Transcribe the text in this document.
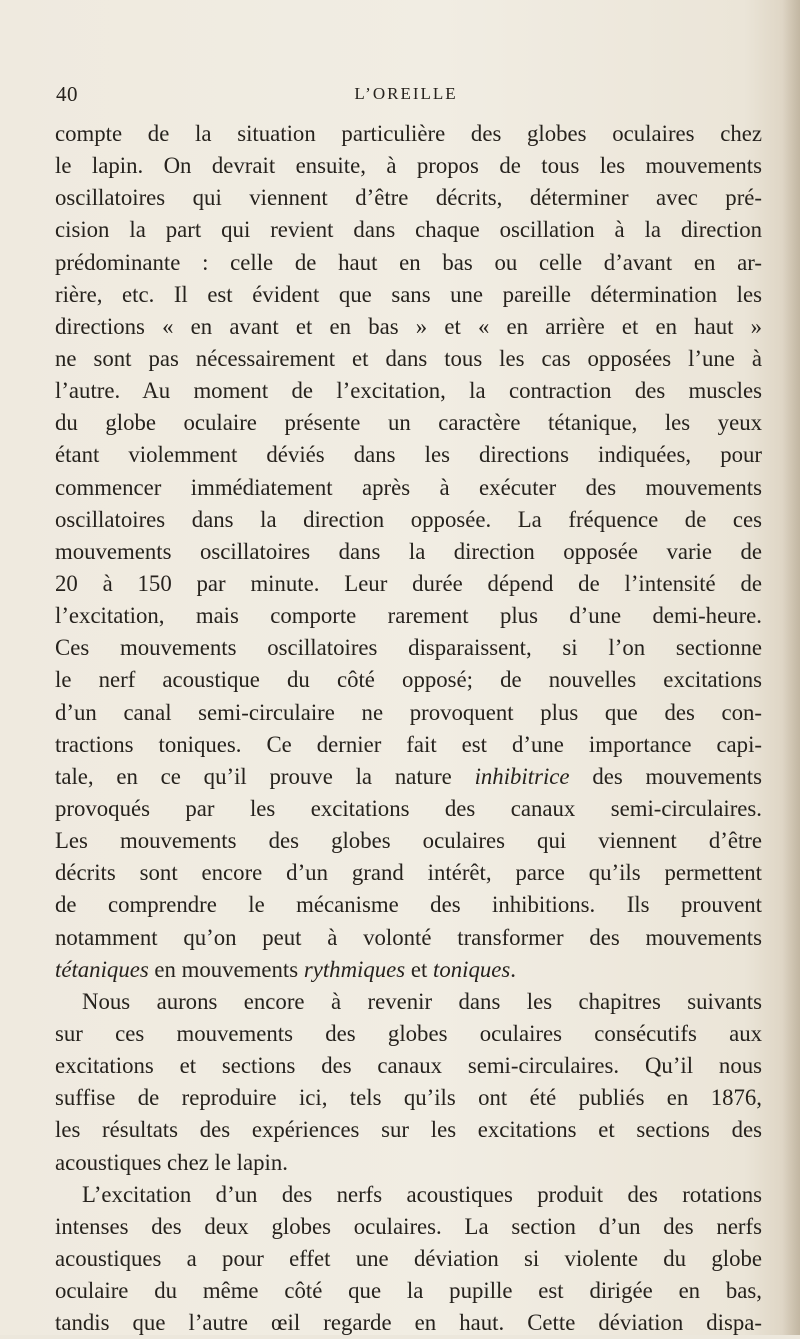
40	L’OREILLE
compte de la situation particulière des globes oculaires chez
le lapin. On devrait ensuite, à propos de tous les mouvements
oscillatoires qui viennent d’être décrits, déterminer avec pré-
cision la part qui revient dans chaque oscillation à la direction
prédominante : celle de haut en bas ou celle d’avant en ar-
rière, etc. Il est évident que sans une pareille détermination les
directions « en avant et en bas » et « en arrière et en haut »
ne sont pas nécessairement et dans tous les cas opposées l’une à
l’autre. Au moment de l’excitation, la contraction des muscles
du globe oculaire présente un caractère tétanique, les yeux
étant violemment déviés dans les directions indiquées, pour
commencer immédiatement après à exécuter des mouvements
oscillatoires dans la direction opposée. La fréquence de ces
mouvements oscillatoires dans la direction opposée varie de
20 à 150 par minute. Leur durée dépend de l’intensité de
l’excitation, mais comporte rarement plus d’une demi-heure.
Ces mouvements oscillatoires disparaissent, si l’on sectionne
le nerf acoustique du côté opposé; de nouvelles excitations
d’un canal semi-circulaire ne provoquent plus que des con-
tractions toniques. Ce dernier fait est d’une importance capi-
tale, en ce qu’il prouve la nature inhibitrice des mouvements
provoqués par les excitations des canaux semi-circulaires.
Les mouvements des globes oculaires qui viennent d’être
décrits sont encore d’un grand intérêt, parce qu’ils permettent
de comprendre le mécanisme des inhibitions. Ils prouvent
notamment qu’on peut à volonté transformer des mouvements
tétaniques en mouvements rythmiques et toniques.
Nous aurons encore à revenir dans les chapitres suivants
sur ces mouvements des globes oculaires consécutifs aux
excitations et sections des canaux semi-circulaires. Qu’il nous
suffise de reproduire ici, tels qu’ils ont été publiés en 1876,
les résultats des expériences sur les excitations et sections des
acoustiques chez le lapin.
L’excitation d’un des nerfs acoustiques produit des rotations
intenses des deux globes oculaires. La section d’un des nerfs
acoustiques a pour effet une déviation si violente du globe
oculaire du même côté que la pupille est dirigée en bas,
tandis que l’autre œil regarde en haut. Cette déviation dispa-
